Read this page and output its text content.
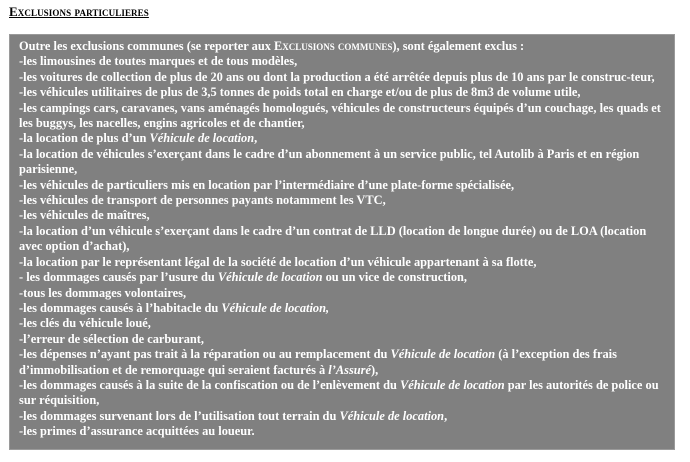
Exclusions particulieres

Outre les exclusions communes (se reporter aux Exclusions communes), sont également exclus :

-les limousines de toutes marques et de tous modèles,

-les voitures de collection de plus de 20 ans ou dont la production a été arrêtée depuis plus de 10 ans par le construc-teur,

-les véhicules utilitaires de plus de 3,5 tonnes de poids total en charge et/ou de plus de 8m3 de volume utile,

-les campings cars, caravanes, vans aménagés homologués, véhicules de constructeurs équipés d’un couchage, les quads et les buggys, les nacelles, engins agricoles et de chantier,

-la location de plus d’un Véhicule de location,

-la location de véhicules s’exerçant dans le cadre d’un abonnement à un service public, tel Autolib à Paris et en région parisienne,

-les véhicules de particuliers mis en location par l’intermédiaire d’une plate-forme spécialisée,

-les véhicules de transport de personnes payants notamment les VTC,

-les véhicules de maîtres,

-la location d’un véhicule s’exerçant dans le cadre d’un contrat de LLD (location de longue durée) ou de LOA (location avec option d’achat),

-la location par le représentant légal de la société de location d’un véhicule appartenant à sa flotte,

- les dommages causés par l’usure du Véhicule de location ou un vice de construction,

-tous les dommages volontaires,

-les dommages causés à l’habitacle du Véhicule de location,

-les clés du véhicule loué,

-l’erreur de sélection de carburant,

-les dépenses n’ayant pas trait à la réparation ou au remplacement du Véhicule de location (à l’exception des frais d’immobilisation et de remorquage qui seraient facturés à l’Assuré),

-les dommages causés à la suite de la confiscation ou de l’enlèvement du Véhicule de location par les autorités de police ou sur réquisition,

-les dommages survenant lors de l’utilisation tout terrain du Véhicule de location,

-les primes d’assurance acquittées au loueur.
